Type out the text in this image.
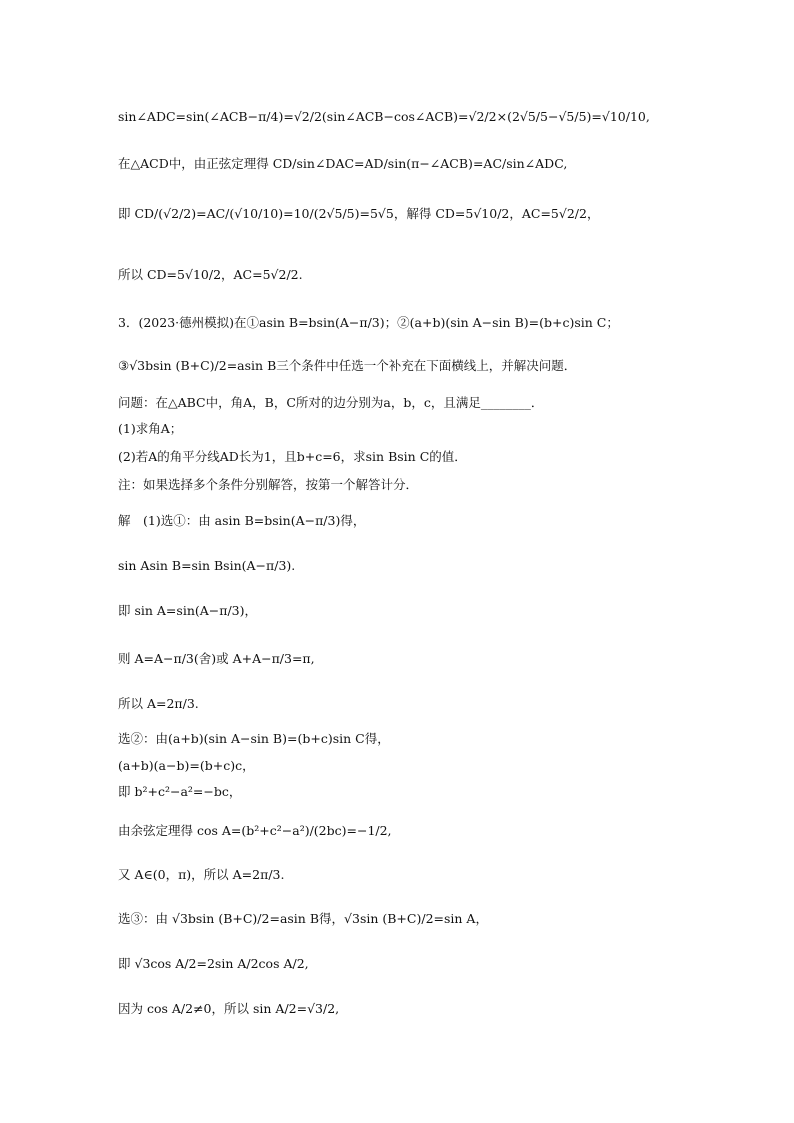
sin∠ADC=sin(∠ACB−π/4)=√2/2(sin∠ACB−cos∠ACB)=√2/2×(2√5/5−√5/5)=√10/10,
在△ACD中，由正弦定理得 CD/sin∠DAC=AD/sin(π−∠ACB)=AC/sin∠ADC,
即 CD/(√2/2)=AC/(√10/10)=10/(2√5/5)=5√5，解得 CD=5√10/2，AC=5√2/2，
所以 CD=5√10/2，AC=5√2/2.
3．(2023·德州模拟)在①asin B=bsin(A−π/3)；②(a+b)(sin A−sin B)=(b+c)sin C；
③√3bsin (B+C)/2=asin B三个条件中任选一个补充在下面横线上，并解决问题．
问题：在△ABC中，角A，B，C所对的边分别为a，b，c，且满足________．
(1)求角A；
(2)若A的角平分线AD长为1，且b+c=6，求sin Bsin C的值．
注：如果选择多个条件分别解答，按第一个解答计分．
解　(1)选①：由 asin B=bsin(A−π/3)得，
sin Asin B=sin Bsin(A−π/3).
即 sin A=sin(A−π/3)，
则 A=A−π/3(舍)或 A+A−π/3=π,
所以 A=2π/3.
选②：由(a+b)(sin A−sin B)=(b+c)sin C得，
(a+b)(a−b)=(b+c)c，
即 b²+c²−a²=−bc，
由余弦定理得 cos A=(b²+c²−a²)/(2bc)=−1/2,
又 A∈(0，π)，所以 A=2π/3.
选③：由 √3bsin (B+C)/2=asin B得，√3sin (B+C)/2=sin A，
即 √3cos A/2=2sin A/2cos A/2,
因为 cos A/2≠0，所以 sin A/2=√3/2,
